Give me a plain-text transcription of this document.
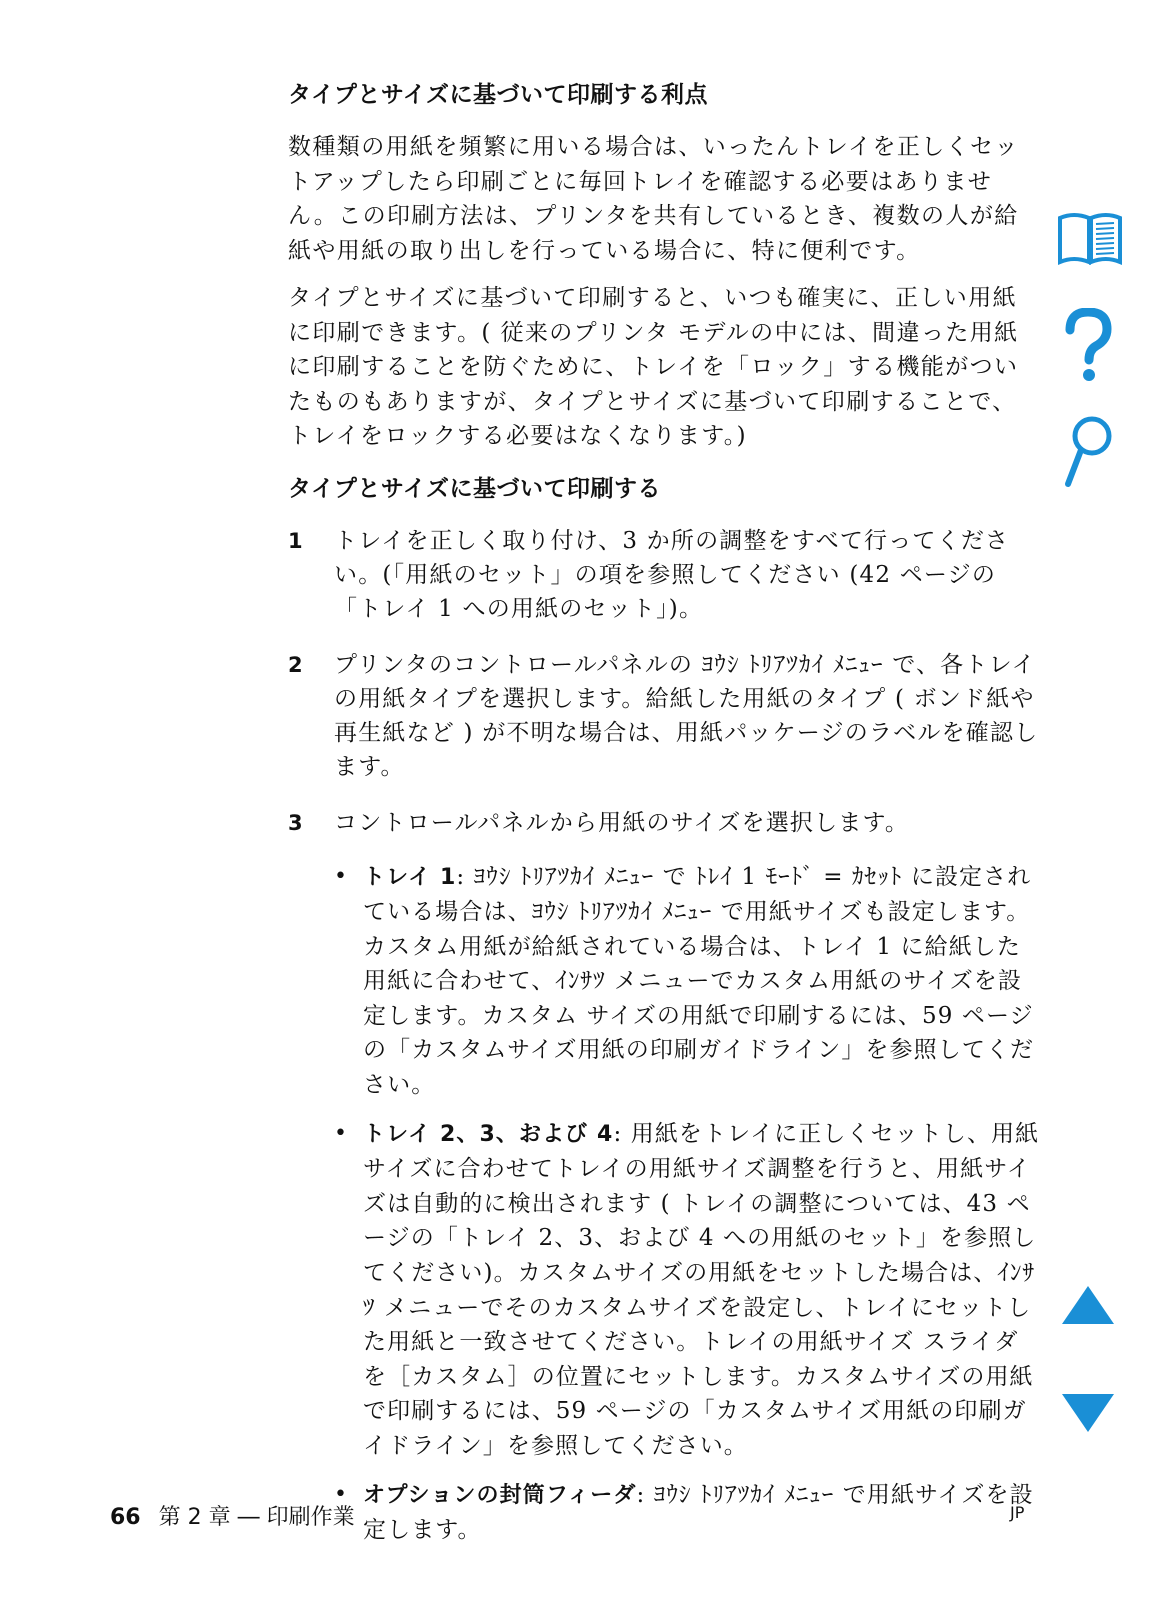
タイプとサイズに基づいて印刷する利点

数種類の用紙を頻繁に用いる場合は、いったんトレイを正しくセットアップしたら印刷ごとに毎回トレイを確認する必要はありません。この印刷方法は、プリンタを共有しているとき、複数の人が給紙や用紙の取り出しを行っている場合に、特に便利です。

タイプとサイズに基づいて印刷すると、いつも確実に、正しい用紙に印刷できます。( 従来のプリンタ モデルの中には、間違った用紙に印刷することを防ぐために、トレイを「ロック」する機能がついたものもありますが、タイプとサイズに基づいて印刷することで、トレイをロックする必要はなくなります。)

タイプとサイズに基づいて印刷する
1 トレイを正しく取り付け、3 か所の調整をすべて行ってください。(「用紙のセット」の項を参照してください (42 ページの「トレイ 1 への用紙のセット」)。
2 プリンタのコントロールパネルの ﾖｳｼ ﾄﾘｱﾂｶｲ ﾒﾆｭｰ で、各トレイの用紙タイプを選択します。給紙した用紙のタイプ ( ボンド紙や再生紙など ) が不明な場合は、用紙パッケージのラベルを確認します。
3 コントロールパネルから用紙のサイズを選択します。
• トレイ 1: ﾖｳｼ ﾄﾘｱﾂｶｲ ﾒﾆｭｰ で ﾄﾚｲ 1 ﾓｰﾄﾞ = ｶｾｯﾄ に設定されている場合は、ﾖｳｼ ﾄﾘｱﾂｶｲ ﾒﾆｭｰ で用紙サイズも設定します。カスタム用紙が給紙されている場合は、トレイ 1 に給紙した用紙に合わせて、ｲﾝｻﾂ メニューでカスタム用紙のサイズを設定します。カスタム サイズの用紙で印刷するには、59 ページの「カスタムサイズ用紙の印刷ガイドライン」を参照してください。
• トレイ 2、3、および 4: 用紙をトレイに正しくセットし、用紙サイズに合わせてトレイの用紙サイズ調整を行うと、用紙サイズは自動的に検出されます ( トレイの調整については、43 ページの「トレイ 2、3、および 4 への用紙のセット」を参照してください)。カスタムサイズの用紙をセットした場合は、ｲﾝｻﾂ メニューでそのカスタムサイズを設定し、トレイにセットした用紙と一致させてください。トレイの用紙サイズ スライダを［カスタム］の位置にセットします。カスタムサイズの用紙で印刷するには、59 ページの「カスタムサイズ用紙の印刷ガイドライン」を参照してください。
• オプションの封筒フィーダ: ﾖｳｼ ﾄﾘｱﾂｶｲ ﾒﾆｭｰ で用紙サイズを設定します。
66 第 2 章 ― 印刷作業	JP
